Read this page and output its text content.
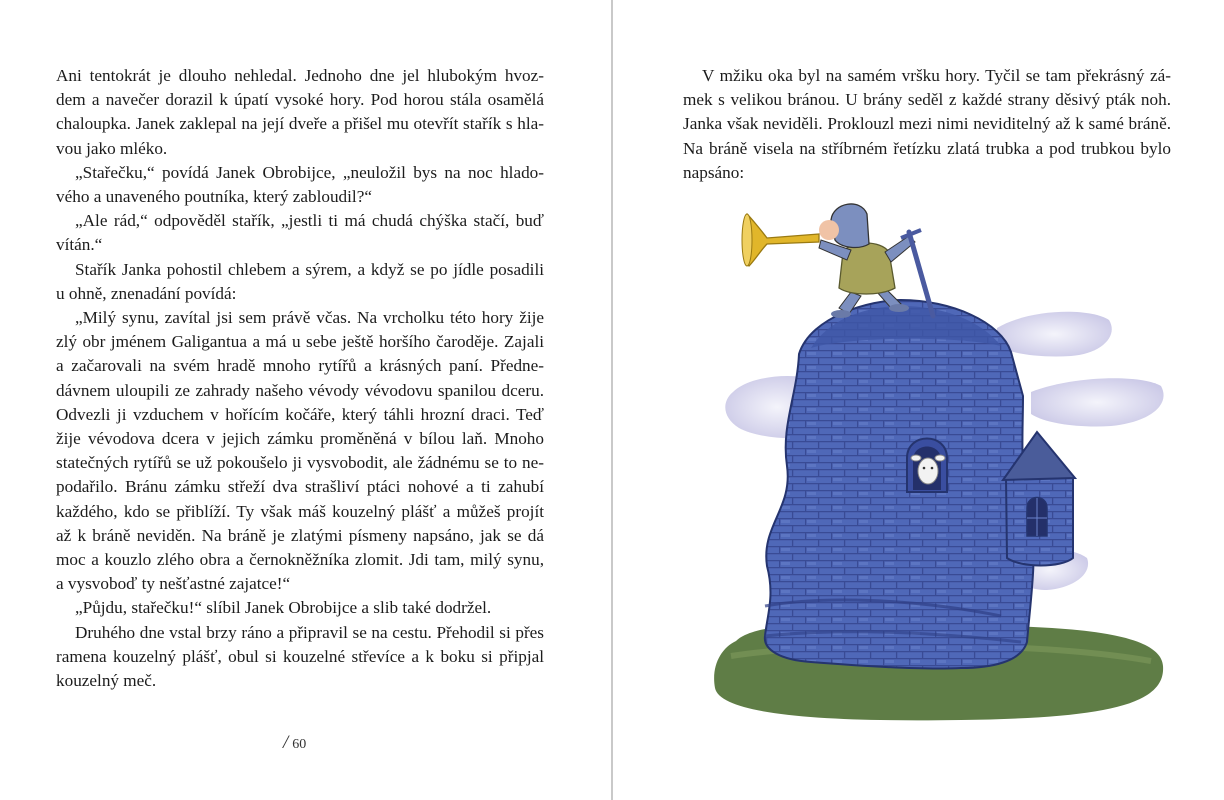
Ani tentokrát je dlouho nehledal. Jednoho dne jel hlubokým hvoz-
dem a navečer dorazil k úpatí vysoké hory. Pod horou stála osamělá
chaloupka. Janek zaklepal na její dveře a přišel mu otevřít stařík s hla-
vou jako mléko.
„Stařečku,“ povídá Janek Obrobijce, „neuložil bys na noc hlado-
vého a unaveného poutníka, který zabloudil?“
„Ale rád,“ odpověděl stařík, „jestli ti má chudá chýška stačí, buď
vítán.“
Stařík Janka pohostil chlebem a sýrem, a když se po jídle posadili
u ohně, znenadání povídá:
„Milý synu, zavítal jsi sem právě včas. Na vrcholku této hory žije
zlý obr jménem Galigantua a má u sebe ještě horšího čaroděje. Zajali
a začarovali na svém hradě mnoho rytířů a krásných paní. Předne-
dávnem uloupili ze zahrady našeho vévody vévodovu spanilou dceru.
Odvezli ji vzduchem v hořícím kočáře, který táhli hrozní draci. Teď
žije vévodova dcera v jejich zámku proměněná v bílou laň. Mnoho
statečných rytířů se už pokoušelo ji vysvobodit, ale žádnému se to ne-
podařilo. Bránu zámku střeží dva strašliví ptáci nohové a ti zahubí
každého, kdo se přiblíží. Ty však máš kouzelný plášť a můžeš projít
až k bráně neviděn. Na bráně je zlatými písmeny napsáno, jak se dá
moc a kouzlo zlého obra a černokněžníka zlomit. Jdi tam, milý synu,
a vysvoboď ty nešťastné zajatce!“
„Půjdu, stařečku!“ slíbil Janek Obrobijce a slib také dodržel.
Druhého dne vstal brzy ráno a připravil se na cestu. Přehodil si přes
ramena kouzelný plášť, obul si kouzelné střevíce a k boku si připjal
kouzelný meč.
/ 60
V mžiku oka byl na samém vršku hory. Tyčil se tam překrásný zá-
mek s velikou bránou. U brány seděl z každé strany děsivý pták noh.
Janka však neviděli. Proklouzl mezi nimi neviditelný až k samé bráně.
Na bráně visela na stříbrném řetízku zlatá trubka a pod trubkou bylo
napsáno:
